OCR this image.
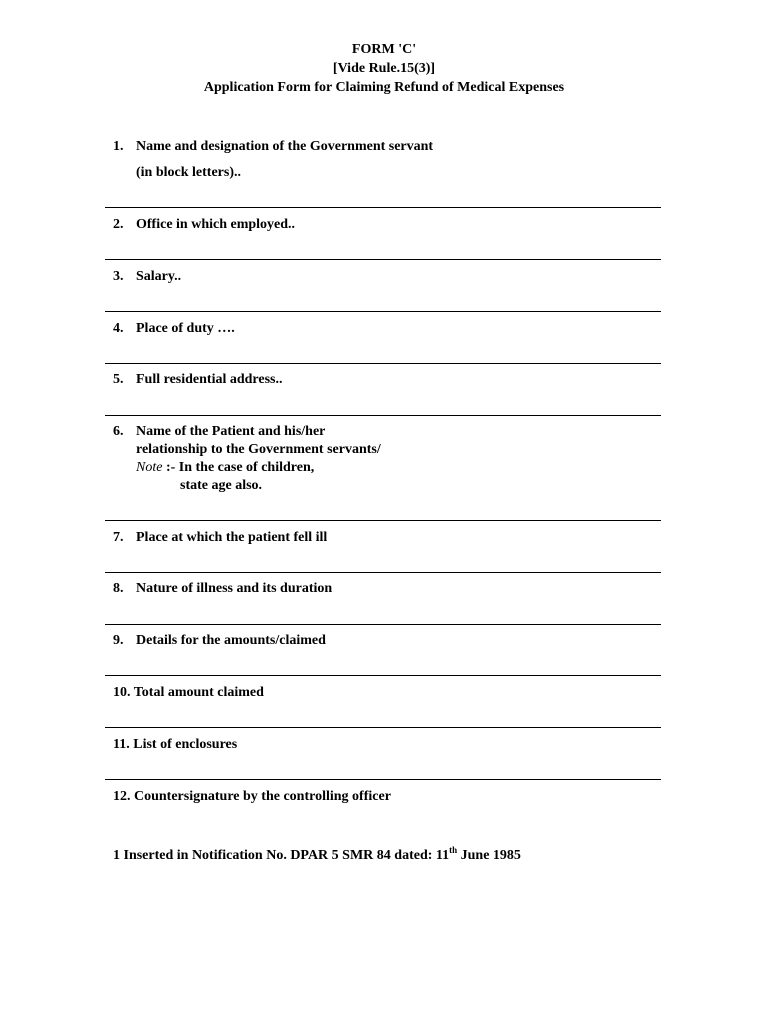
FORM 'C'
[Vide Rule.15(3)]
Application Form for Claiming Refund of Medical Expenses
1. Name and designation of the Government servant
(in block letters)..
2. Office in which employed..
3. Salary..
4. Place of duty ….
5. Full residential address..
6. Name of the Patient and his/her
relationship to the Government servants/
Note :- In the case of children,
state age also.
7. Place at which the patient fell ill
8. Nature of illness and its duration
9. Details for the amounts/claimed
10. Total amount claimed
11. List of enclosures
12. Countersignature by the controlling officer
1 Inserted in Notification No. DPAR 5 SMR 84 dated: 11th June 1985
